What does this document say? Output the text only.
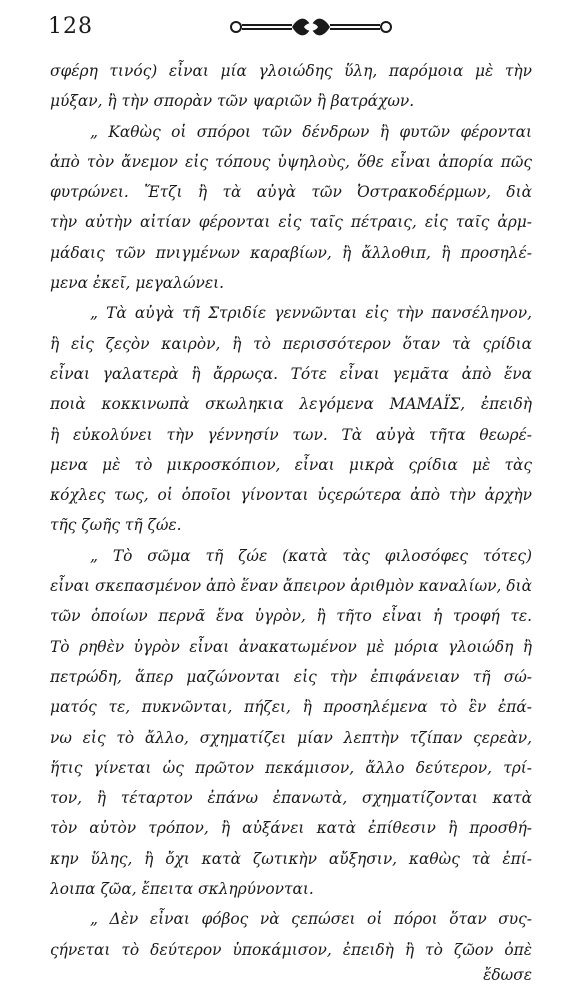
128
σφέρη τινός) εἶναι μία γλοιώδης ὕλη, παρόμοια μὲ τὴν
μύξαν, ἢ τὴν σπορὰν τῶν ψαριῶν ἢ βατράχων.
„ Καθὼς οἱ σπόροι τῶν δένδρων ἢ φυτῶν φέρονται
ἀπὸ τὸν ἄνεμον εἰς τόπους ὑψηλοὺς, ὅθε εἶναι ἀπορία πῶς
φυτρώνει. Ἔτζι ἢ τὰ αὐγὰ τῶν Ὀστρακοδέρμων, διὰ
τὴν αὐτὴν αἰτίαν φέρονται εἰς ταῖς πέτραις, εἰς ταῖς ἀρμ-
μάδαις τῶν πνιγμένων καραβίων, ἢ ἄλλοθιπ, ἢ προσηλέ-
μενα ἐκεῖ, μεγαλώνει.
„ Τὰ αὐγὰ τῆ Στριδίε γεννῶνται εἰς τὴν πανσέληνον,
ἢ εἰς ζεςὸν καιρὸν, ἢ τὸ περισσότερον ὅταν τὰ ςρίδια
εἶναι γαλατερὰ ἢ ἄρρωςα. Τότε εἶναι γεμᾶτα ἀπὸ ἕνα
ποιὰ κοκκινωπὰ σκωληκια λεγόμενα ΜΑΜΑΪΣ, ἐπειδὴ
ἢ εὐκολύνει τὴν γέννησίν των. Τὰ αὐγὰ τῆτα θεωρέ-
μενα μὲ τὸ μικροσκόπιον, εἶναι μικρὰ ςρίδια μὲ τὰς
κόχλες τως, οἱ ὁποῖοι γίνονται ὑςερώτερα ἀπὸ τὴν ἀρχὴν
τῆς ζωῆς τῆ ζώε.
„ Τὸ σῶμα τῆ ζώε (κατὰ τὰς φιλοσόφες τότες)
εἶναι σκεπασμένον ἀπὸ ἕναν ἄπειρον ἀριθμὸν καναλίων, διὰ
τῶν ὁποίων περνᾶ ἕνα ὑγρὸν, ἢ τῆτο εἶναι ἡ τροφή τε.
Τὸ ρηθὲν ὑγρὸν εἶναι ἀνακατωμένον μὲ μόρια γλοιώδη ἢ
πετρώδη, ἅπερ μαζώνονται εἰς τὴν ἐπιφάνειαν τῆ σώ-
ματός τε, πυκνῶνται, πήζει, ἢ προσηλέμενα τὸ ἓν ἐπά-
νω εἰς τὸ ἄλλο, σχηματίζει μίαν λεπτὴν τζίπαν ςερεὰν,
ἥτις γίνεται ὡς πρῶτον πεκάμισον, ἄλλο δεύτερον, τρί-
τον, ἢ τέταρτον ἐπάνω ἐπανωτὰ, σχηματίζονται κατὰ
τὸν αὐτὸν τρόπον, ἢ αὐξάνει κατὰ ἐπίθεσιν ἢ προσθή-
κην ὕλης, ἢ ὄχι κατὰ ζωτικὴν αὔξησιν, καθὼς τὰ ἐπί-
λοιπα ζῶα, ἔπειτα σκληρύνονται.
„ Δὲν εἶναι φόβος νὰ ςεπώσει οἱ πόροι ὅταν συς-
ςήνεται τὸ δεύτερον ὑποκάμισον, ἐπειδὴ ἢ τὸ ζῶον ὀπὲ
ἔδωσε
